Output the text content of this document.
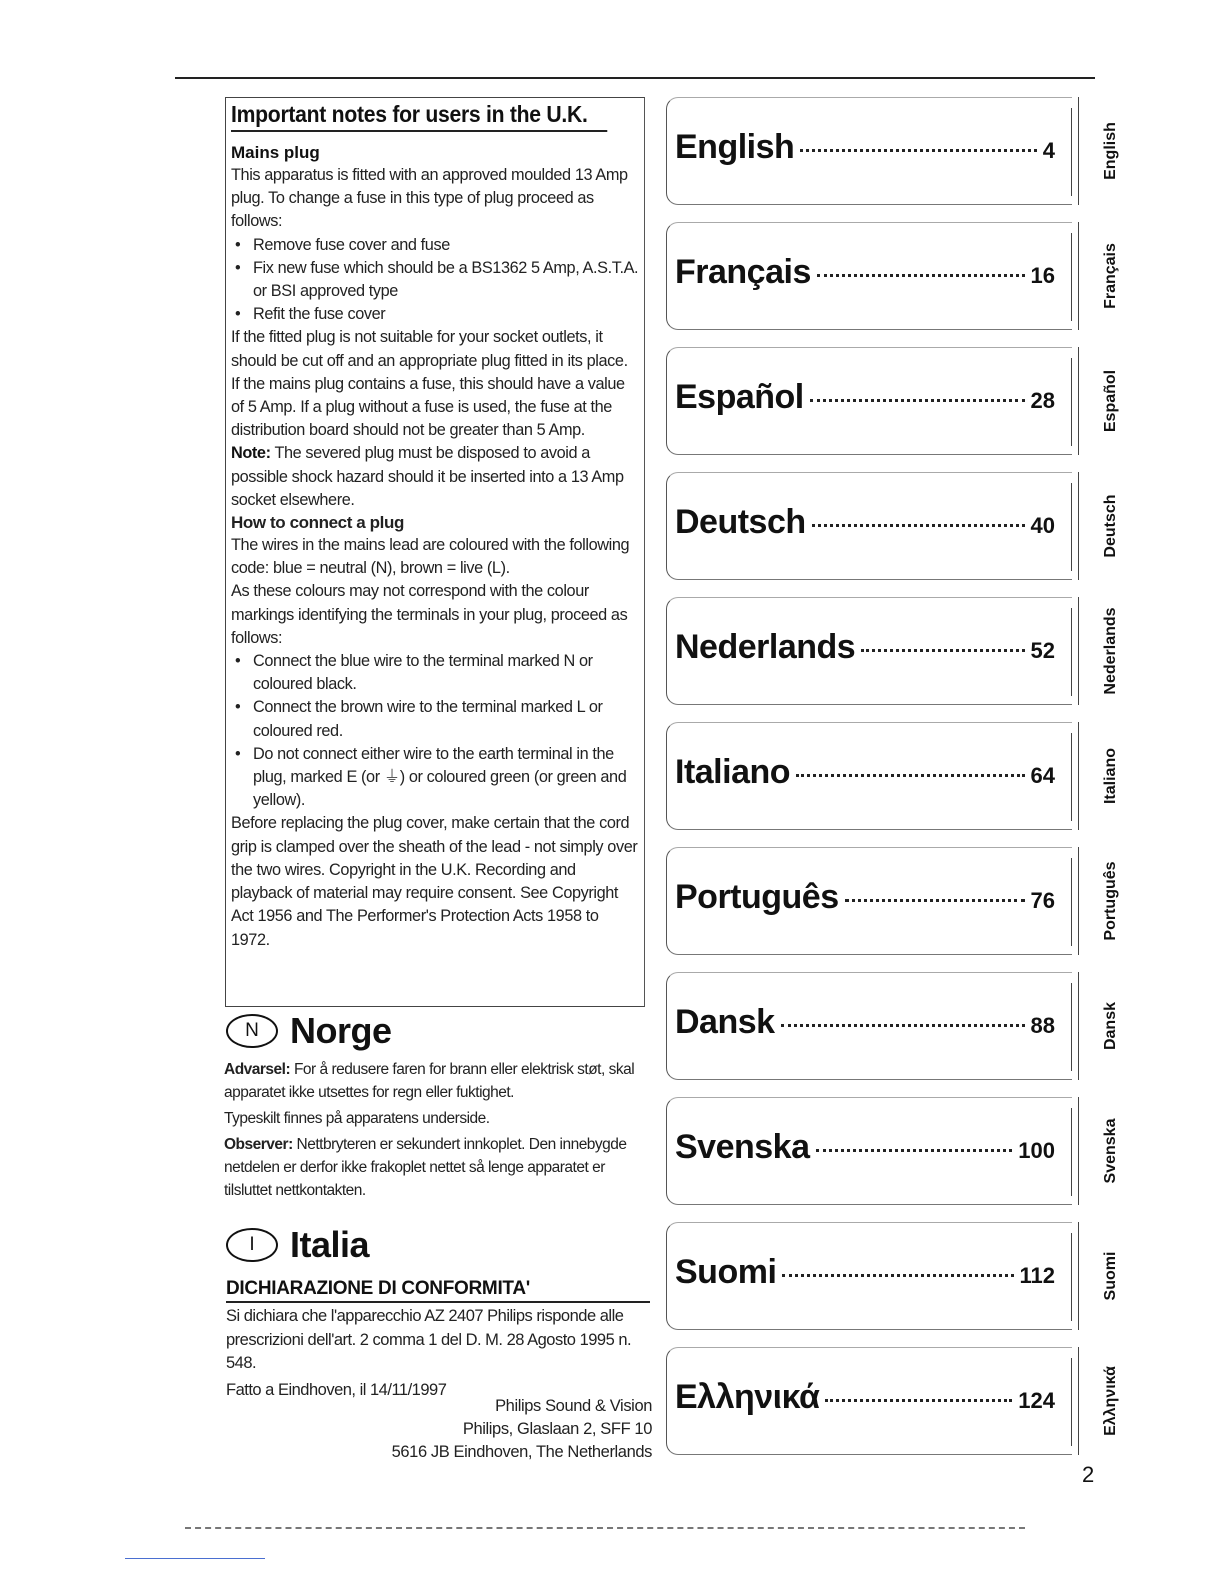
Important notes for users in the U.K.
Mains plug

This apparatus is fitted with an approved moulded 13 Amp plug. To change a fuse in this type of plug proceed as follows:

• Remove fuse cover and fuse
• Fix new fuse which should be a BS1362 5 Amp, A.S.T.A. or BSI approved type
• Refit the fuse cover

If the fitted plug is not suitable for your socket outlets, it should be cut off and an appropriate plug fitted in its place.

If the mains plug contains a fuse, this should have a value of 5 Amp. If a plug without a fuse is used, the fuse at the distribution board should not be greater than 5 Amp.

Note: The severed plug must be disposed to avoid a possible shock hazard should it be inserted into a 13 Amp socket elsewhere.

How to connect a plug

The wires in the mains lead are coloured with the following code: blue = neutral (N), brown = live (L).

As these colours may not correspond with the colour markings identifying the terminals in your plug, proceed as follows:

• Connect the blue wire to the terminal marked N or coloured black.
• Connect the brown wire to the terminal marked L or coloured red.
• Do not connect either wire to the earth terminal in the plug, marked E (or ⏚) or coloured green (or green and yellow).

Before replacing the plug cover, make certain that the cord grip is clamped over the sheath of the lead - not simply over the two wires. Copyright in the U.K. Recording and playback of material may require consent. See Copyright Act 1956 and The Performer's Protection Acts 1958 to 1972.

N Norge

Advarsel: For å redusere faren for brann eller elektrisk støt, skal apparatet ikke utsettes for regn eller fuktighet.

Typeskilt finnes på apparatens underside.

Observer: Nettbryteren er sekundert innkoplet. Den innebygde netdelen er derfor ikke frakoplet nettet så lenge apparatet er tilsluttet nettkontakten.

I Italia
DICHIARAZIONE DI CONFORMITA'

Si dichiara che l'apparecchio AZ 2407 Philips risponde alle prescrizioni dell'art. 2 comma 1 del D. M. 28 Agosto 1995 n. 548.

Fatto a Eindhoven, il 14/11/1997

Philips Sound & Vision
Philips, Glaslaan 2, SFF 10
5616 JB Eindhoven, The Netherlands
English	4
Français	16
Español	28
Deutsch	40
Nederlands	52
Italiano	64
Português	76
Dansk	88
Svenska	100
Suomi	112
Ελληνικά	124
English
Français
Español
Deutsch
Nederlands
Italiano
Português
Dansk
Svenska
Suomi
Ελληνικά
2
